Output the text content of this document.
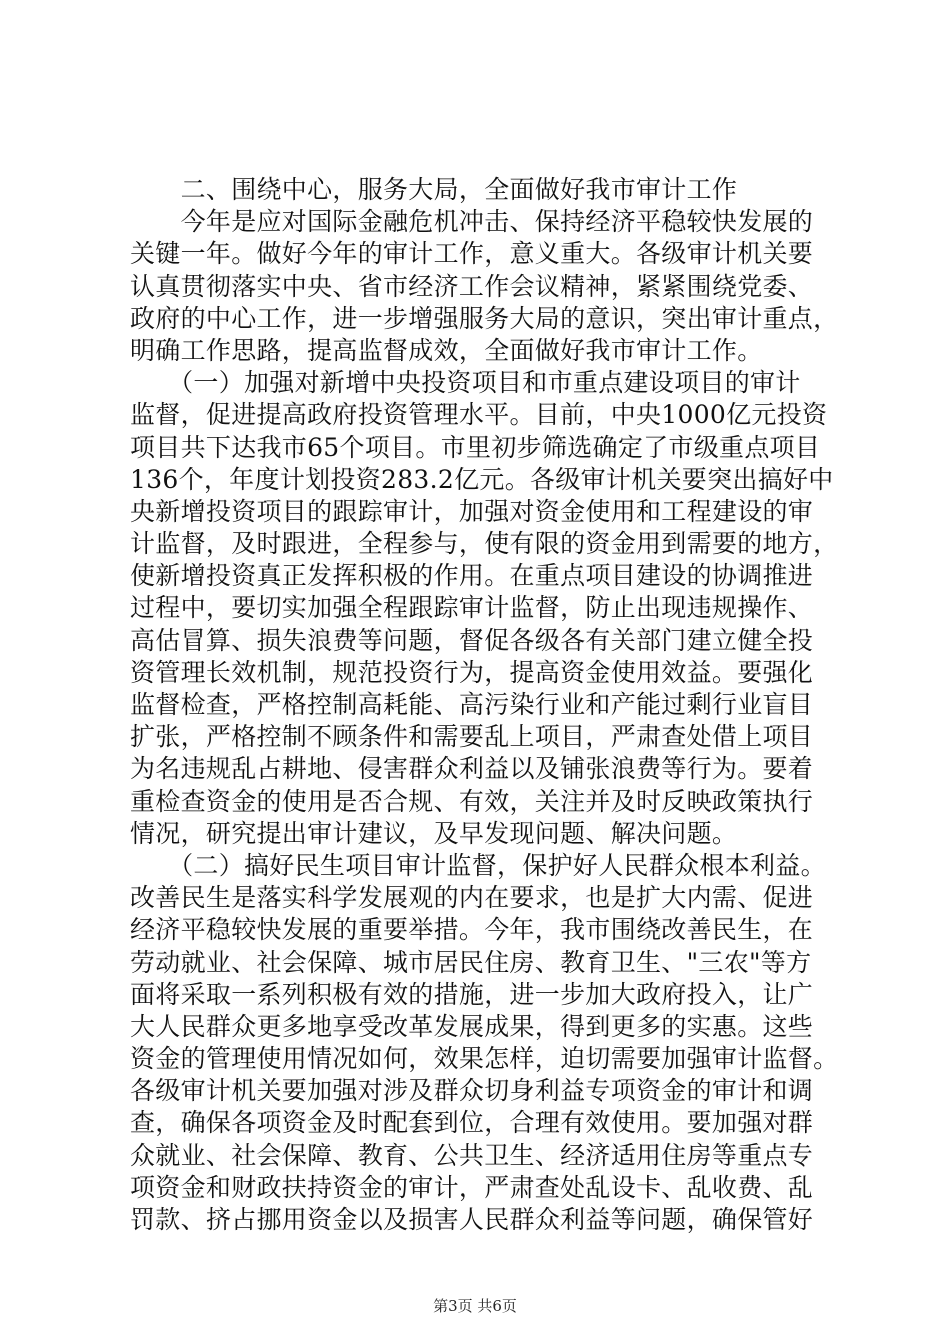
　　二、围绕中心，服务大局，全面做好我市审计工作
　　今年是应对国际金融危机冲击、保持经济平稳较快发展的
关键一年。做好今年的审计工作，意义重大。各级审计机关要
认真贯彻落实中央、省市经济工作会议精神，紧紧围绕党委、
政府的中心工作，进一步增强服务大局的意识，突出审计重点，
明确工作思路，提高监督成效，全面做好我市审计工作。
　　（一）加强对新增中央投资项目和市重点建设项目的审计
监督，促进提高政府投资管理水平。目前，中央1000亿元投资
项目共下达我市65个项目。市里初步筛选确定了市级重点项目
136个，年度计划投资283.2亿元。各级审计机关要突出搞好中
央新增投资项目的跟踪审计，加强对资金使用和工程建设的审
计监督，及时跟进，全程参与，使有限的资金用到需要的地方，
使新增投资真正发挥积极的作用。在重点项目建设的协调推进
过程中，要切实加强全程跟踪审计监督，防止出现违规操作、
高估冒算、损失浪费等问题，督促各级各有关部门建立健全投
资管理长效机制，规范投资行为，提高资金使用效益。要强化
监督检查，严格控制高耗能、高污染行业和产能过剩行业盲目
扩张，严格控制不顾条件和需要乱上项目，严肃查处借上项目
为名违规乱占耕地、侵害群众利益以及铺张浪费等行为。要着
重检查资金的使用是否合规、有效，关注并及时反映政策执行
情况，研究提出审计建议，及早发现问题、解决问题。
　　（二）搞好民生项目审计监督，保护好人民群众根本利益。
改善民生是落实科学发展观的内在要求，也是扩大内需、促进
经济平稳较快发展的重要举措。今年，我市围绕改善民生，在
劳动就业、社会保障、城市居民住房、教育卫生、"三农"等方
面将采取一系列积极有效的措施，进一步加大政府投入，让广
大人民群众更多地享受改革发展成果，得到更多的实惠。这些
资金的管理使用情况如何，效果怎样，迫切需要加强审计监督。
各级审计机关要加强对涉及群众切身利益专项资金的审计和调
查，确保各项资金及时配套到位，合理有效使用。要加强对群
众就业、社会保障、教育、公共卫生、经济适用住房等重点专
项资金和财政扶持资金的审计，严肃查处乱设卡、乱收费、乱
罚款、挤占挪用资金以及损害人民群众利益等问题，确保管好
第3页 共6页
